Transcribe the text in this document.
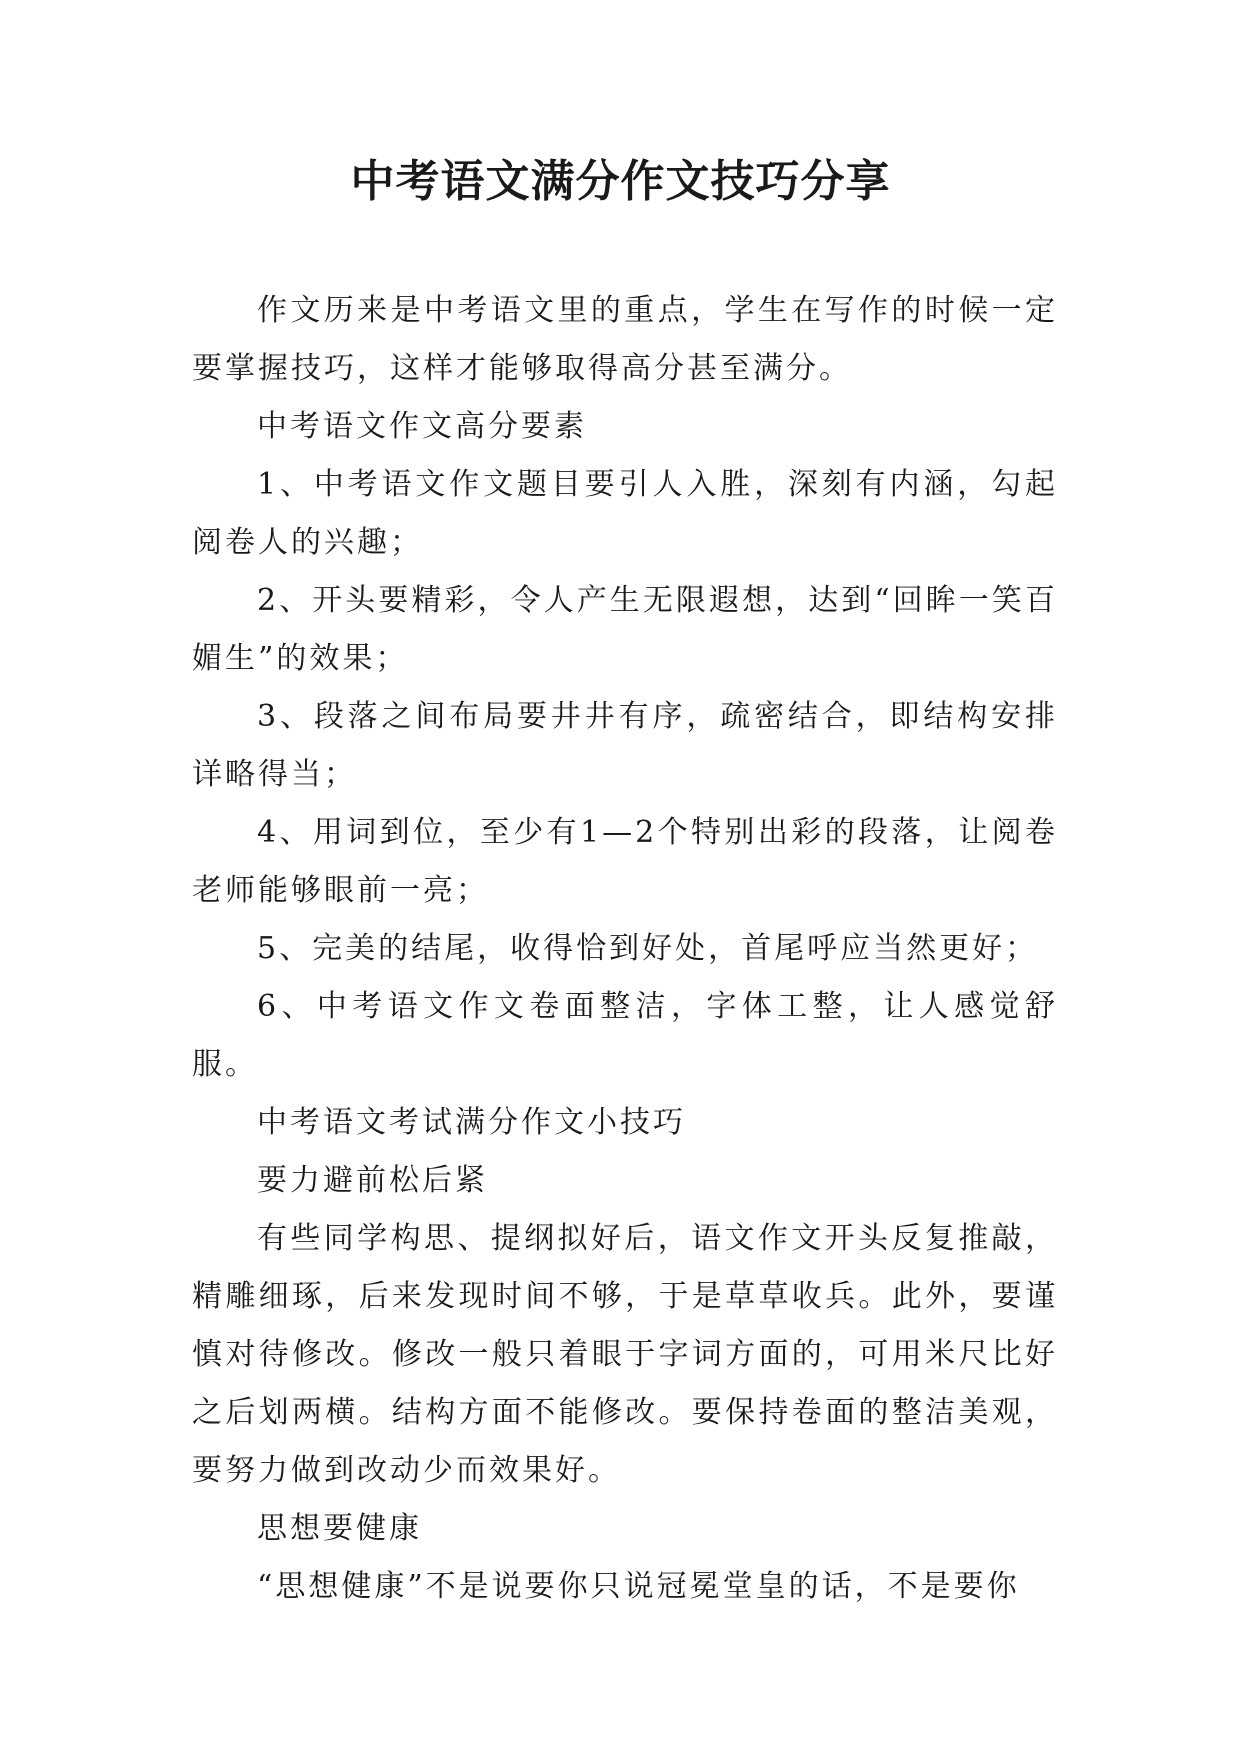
中考语文满分作文技巧分享

作文历来是中考语文里的重点，学生在写作的时候一定要掌握技巧，这样才能够取得高分甚至满分。

中考语文作文高分要素

1、中考语文作文题目要引人入胜，深刻有内涵，勾起阅卷人的兴趣；

2、开头要精彩，令人产生无限遐想，达到“回眸一笑百媚生”的效果；

3、段落之间布局要井井有序，疏密结合，即结构安排详略得当；

4、用词到位，至少有1—2个特别出彩的段落，让阅卷老师能够眼前一亮；

5、完美的结尾，收得恰到好处，首尾呼应当然更好；

6、中考语文作文卷面整洁，字体工整，让人感觉舒服。

中考语文考试满分作文小技巧

要力避前松后紧

有些同学构思、提纲拟好后，语文作文开头反复推敲，精雕细琢，后来发现时间不够，于是草草收兵。此外，要谨慎对待修改。修改一般只着眼于字词方面的，可用米尺比好之后划两横。结构方面不能修改。要保持卷面的整洁美观，要努力做到改动少而效果好。

思想要健康

“思想健康”不是说要你只说冠冕堂皇的话，不是要你
